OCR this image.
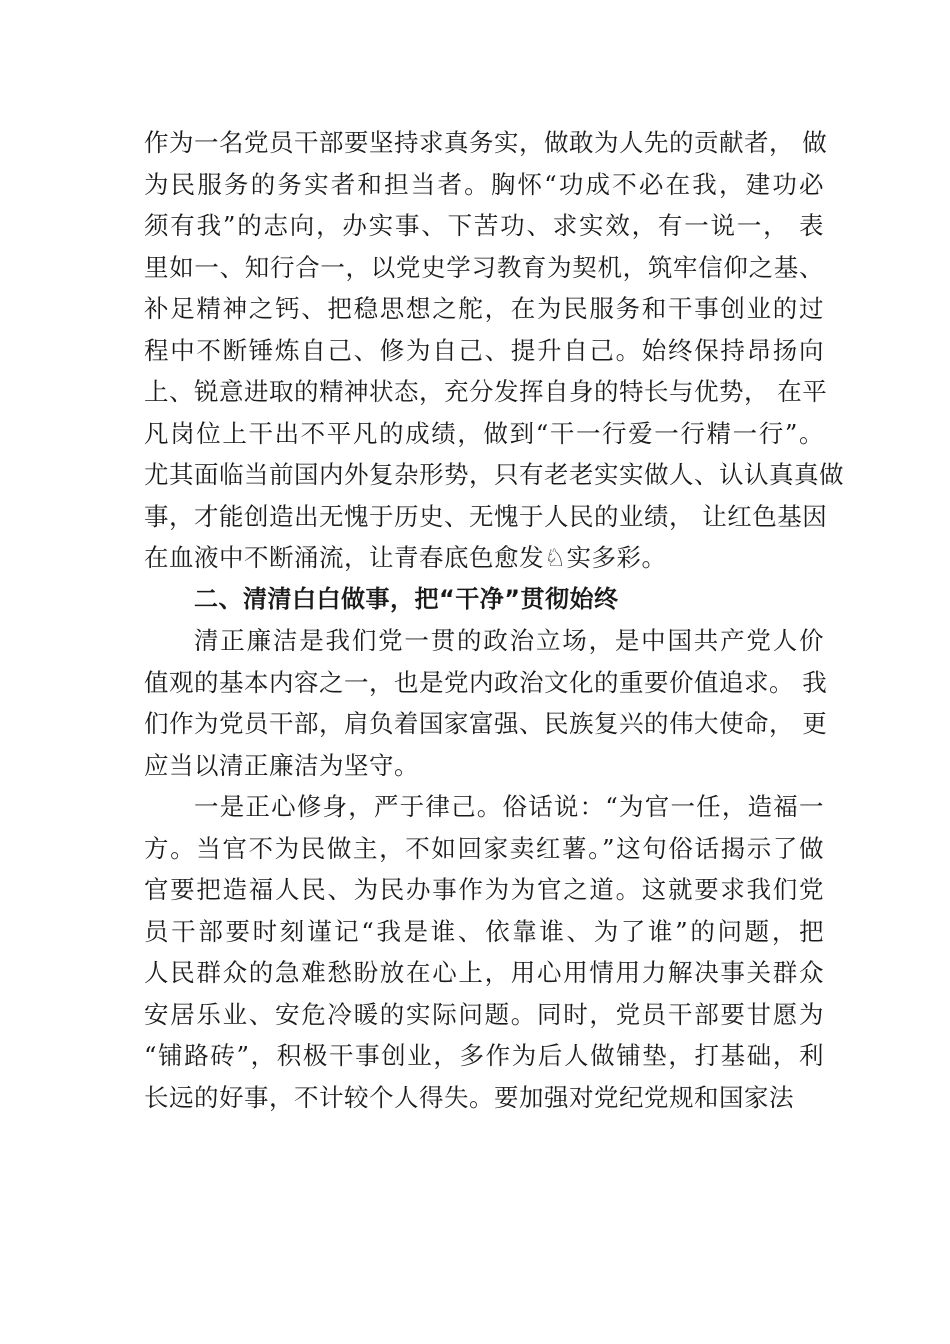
作为一名党员干部要坚持求真务实，做敢为人先的贡献者， 做
为民服务的务实者和担当者。胸怀“功成不必在我，建功必
须有我”的志向，办实事、下苦功、求实效，有一说一， 表
里如一、知行合一，以党史学习教育为契机，筑牢信仰之基、
补足精神之钙、把稳思想之舵，在为民服务和干事创业的过
程中不断锤炼自己、修为自己、提升自己。始终保持昂扬向
上、锐意进取的精神状态，充分发挥自身的特长与优势， 在平
凡岗位上干出不平凡的成绩，做到“干一行爱一行精一行”。
尤其面临当前国内外复杂形势，只有老老实实做人、认认真真做
事，才能创造出无愧于历史、无愧于人民的业绩， 让红色基因
在血液中不断涌流，让青春底色愈发♘实多彩。
二、清清白白做事，把“干净”贯彻始终
清正廉洁是我们党一贯的政治立场，是中国共产党人价
值观的基本内容之一，也是党内政治文化的重要价值追求。 我
们作为党员干部，肩负着国家富强、民族复兴的伟大使命， 更
应当以清正廉洁为坚守。
一是正心修身，严于律己。俗话说：“为官一任，造福一
方。当官不为民做主，不如回家卖红薯。”这句俗话揭示了做
官要把造福人民、为民办事作为为官之道。这就要求我们党
员干部要时刻谨记“我是谁、依靠谁、为了谁”的问题，把
人民群众的急难愁盼放在心上，用心用情用力解决事关群众
安居乐业、安危冷暖的实际问题。同时，党员干部要甘愿为
“铺路砖”，积极干事创业，多作为后人做铺垫，打基础，利
长远的好事，不计较个人得失。要加强对党纪党规和国家法
